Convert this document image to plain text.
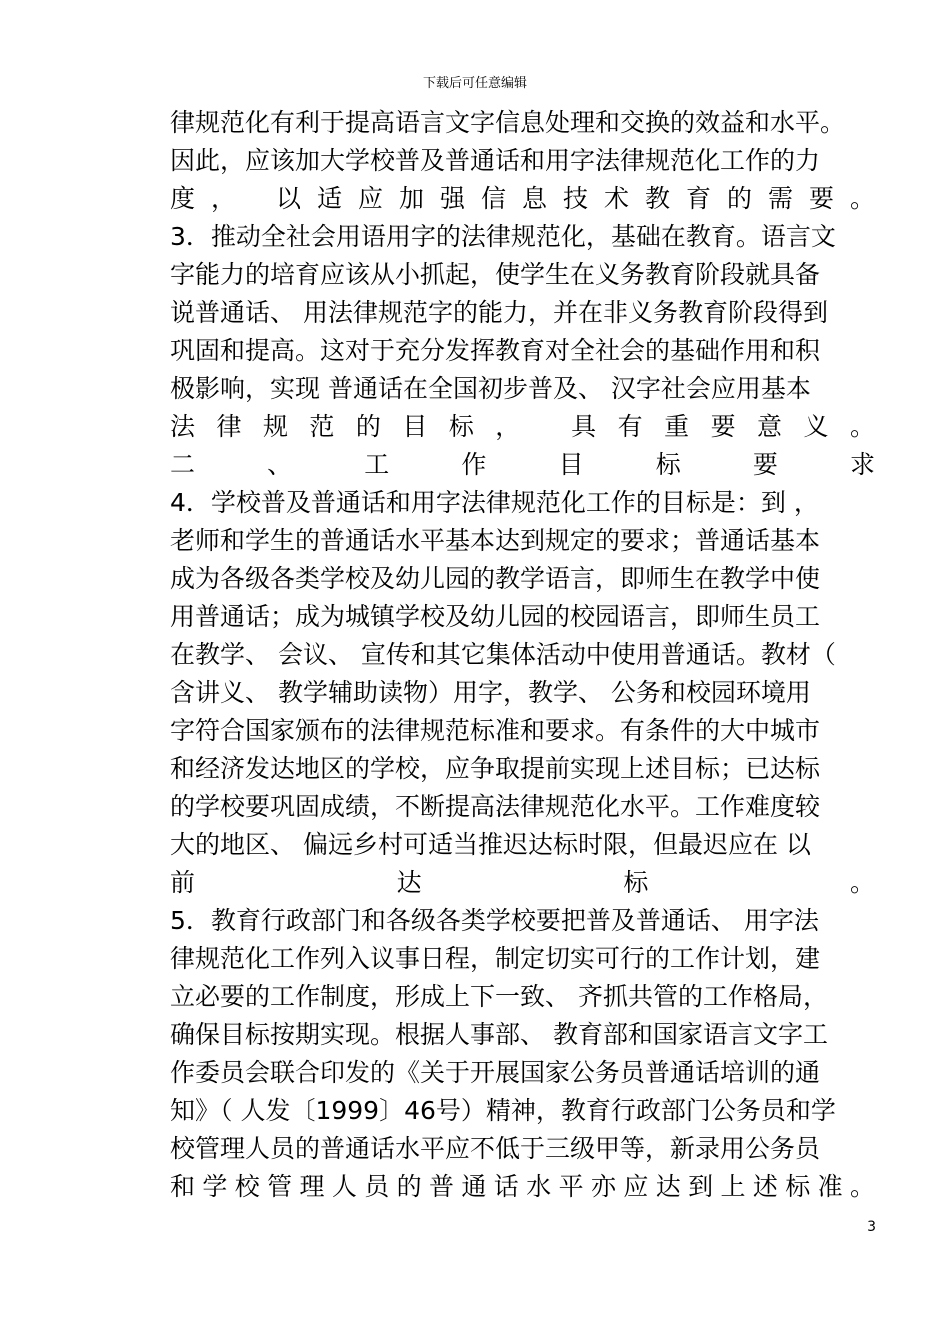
下载后可任意编辑
律规范化有利于提高语言文字信息处理和交换的效益和水平。
因此，应该加大学校普及普通话和用字法律规范化工作的力
度， 以适应加强信息技术教育的需要。
3．推动全社会用语用字的法律规范化，基础在教育。语言文
字能力的培育应该从小抓起，使学生在义务教育阶段就具备
说普通话、 用法律规范字的能力，并在非义务教育阶段得到
巩固和提高。这对于充分发挥教育对全社会的基础作用和积
极影响，实现 普通话在全国初步普及、 汉字社会应用基本
法律规范的目标， 具有重要意义。
二 、 工 作 目 标 要 求
4．学校普及普通话和用字法律规范化工作的目标是：到 ，
老师和学生的普通话水平基本达到规定的要求；普通话基本
成为各级各类学校及幼儿园的教学语言，即师生在教学中使
用普通话；成为城镇学校及幼儿园的校园语言，即师生员工
在教学、 会议、 宣传和其它集体活动中使用普通话。教材（
含讲义、 教学辅助读物）用字，教学、 公务和校园环境用
字符合国家颁布的法律规范标准和要求。有条件的大中城市
和经济发达地区的学校，应争取提前实现上述目标；已达标
的学校要巩固成绩，不断提高法律规范化水平。工作难度较
大的地区、 偏远乡村可适当推迟达标时限，但最迟应在 以
前 达 标 。
5．教育行政部门和各级各类学校要把普及普通话、 用字法
律规范化工作列入议事日程，制定切实可行的工作计划，建
立必要的工作制度，形成上下一致、 齐抓共管的工作格局，
确保目标按期实现。根据人事部、 教育部和国家语言文字工
作委员会联合印发的《关于开展国家公务员普通话培训的通
知》（ 人发〔1999〕46号）精神，教育行政部门公务员和学
校管理人员的普通话水平应不低于三级甲等，新录用公务员
和学校管理人员的普通话水平亦应达到上述标准。
3
